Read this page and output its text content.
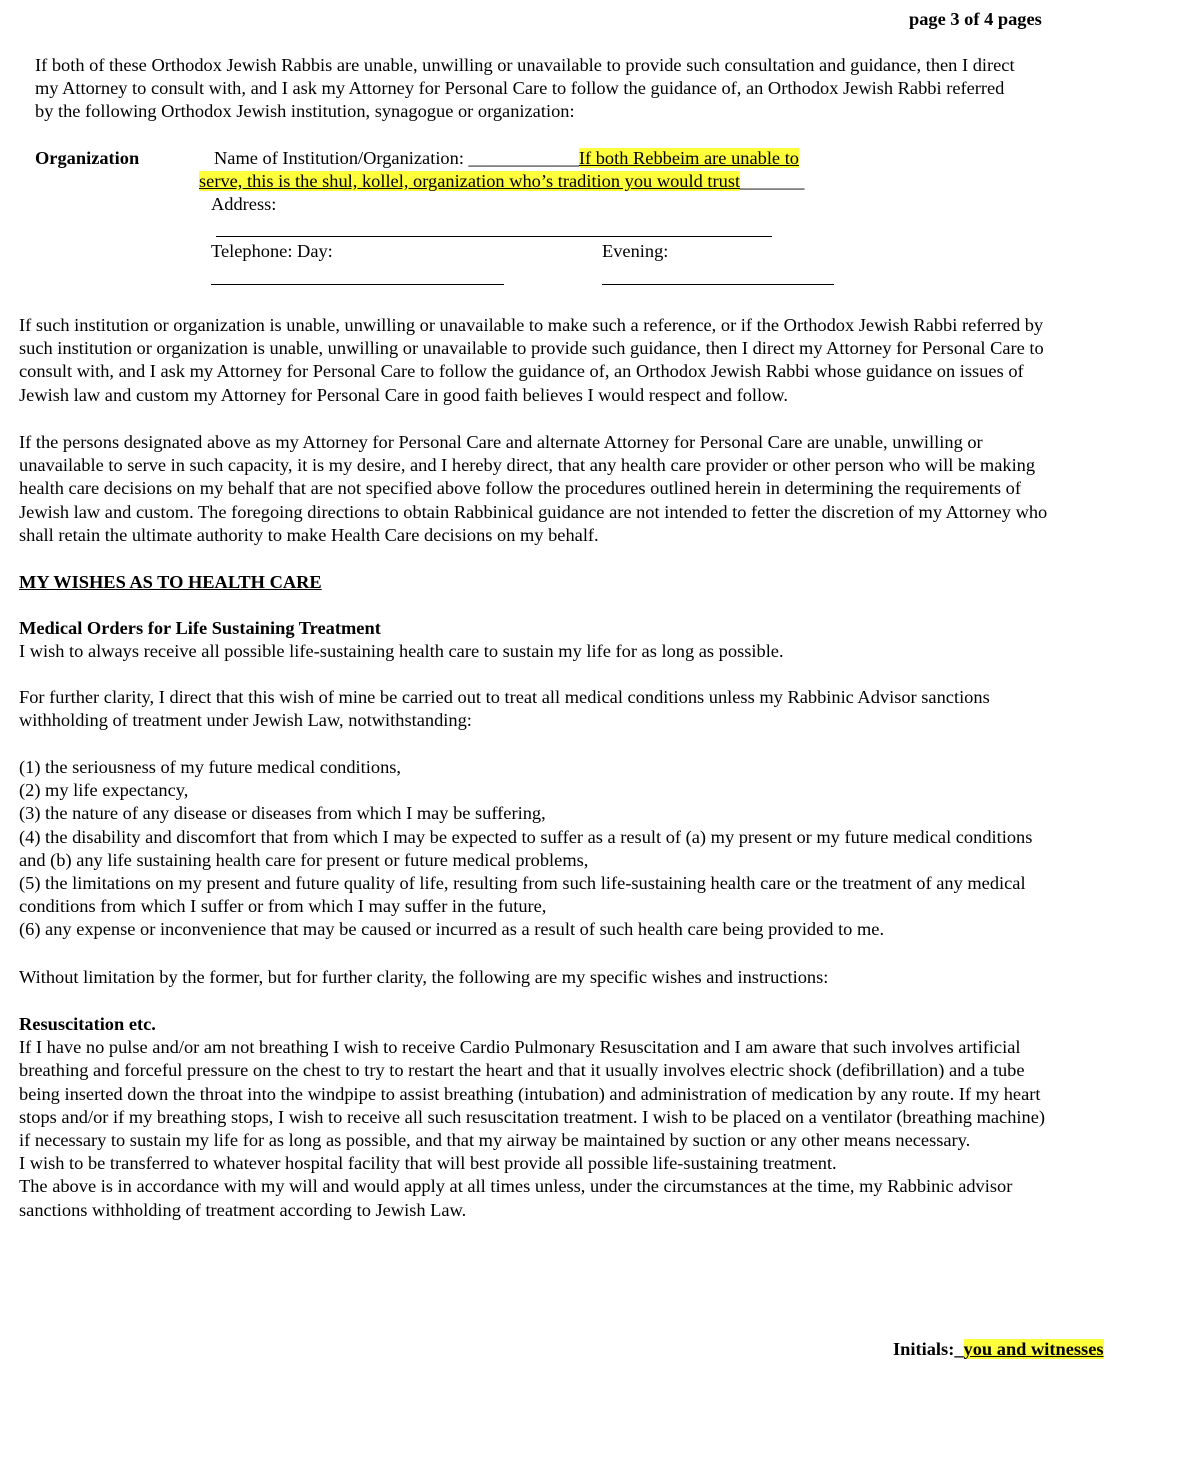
page 3 of 4 pages
If both of these Orthodox Jewish Rabbis are unable, unwilling or unavailable to provide such consultation and guidance, then I direct
my Attorney to consult with, and I ask my Attorney for Personal Care to follow the guidance of, an Orthodox Jewish Rabbi referred
by the following Orthodox Jewish institution, synagogue or organization:
Organization	Name of Institution/Organization: ____________If both Rebbeim are unable to
serve, this is the shul, kollel, organization who’s tradition you would trust_______
Address:
Telephone: Day:	Evening:
If such institution or organization is unable, unwilling or unavailable to make such a reference, or if the Orthodox Jewish Rabbi referred by
such institution or organization is unable, unwilling or unavailable to provide such guidance, then I direct my Attorney for Personal Care to
consult with, and I ask my Attorney for Personal Care to follow the guidance of, an Orthodox Jewish Rabbi whose guidance on issues of
Jewish law and custom my Attorney for Personal Care in good faith believes I would respect and follow.
If the persons designated above as my Attorney for Personal Care and alternate Attorney for Personal Care are unable, unwilling or
unavailable to serve in such capacity, it is my desire, and I hereby direct, that any health care provider or other person who will be making
health care decisions on my behalf that are not specified above follow the procedures outlined herein in determining the requirements of
Jewish law and custom. The foregoing directions to obtain Rabbinical guidance are not intended to fetter the discretion of my Attorney who
shall retain the ultimate authority to make Health Care decisions on my behalf.
MY WISHES AS TO HEALTH CARE
Medical Orders for Life Sustaining Treatment
I wish to always receive all possible life-sustaining health care to sustain my life for as long as possible.
For further clarity, I direct that this wish of mine be carried out to treat all medical conditions unless my Rabbinic Advisor sanctions
withholding of treatment under Jewish Law, notwithstanding:
(1) the seriousness of my future medical conditions,
(2) my life expectancy,
(3) the nature of any disease or diseases from which I may be suffering,
(4) the disability and discomfort that from which I may be expected to suffer as a result of (a) my present or my future medical conditions
and (b) any life sustaining health care for present or future medical problems,
(5) the limitations on my present and future quality of life, resulting from such life-sustaining health care or the treatment of any medical
conditions from which I suffer or from which I may suffer in the future,
(6) any expense or inconvenience that may be caused or incurred as a result of such health care being provided to me.
Without limitation by the former, but for further clarity, the following are my specific wishes and instructions:
Resuscitation etc.
If I have no pulse and/or am not breathing I wish to receive Cardio Pulmonary Resuscitation and I am aware that such involves artificial
breathing and forceful pressure on the chest to try to restart the heart and that it usually involves electric shock (defibrillation) and a tube
being inserted down the throat into the windpipe to assist breathing (intubation) and administration of medication by any route. If my heart
stops and/or if my breathing stops, I wish to receive all such resuscitation treatment. I wish to be placed on a ventilator (breathing machine)
if necessary to sustain my life for as long as possible, and that my airway be maintained by suction or any other means necessary.
I wish to be transferred to whatever hospital facility that will best provide all possible life-sustaining treatment.
The above is in accordance with my will and would apply at all times unless, under the circumstances at the time, my Rabbinic advisor
sanctions withholding of treatment according to Jewish Law.
Initials:_you and witnesses
